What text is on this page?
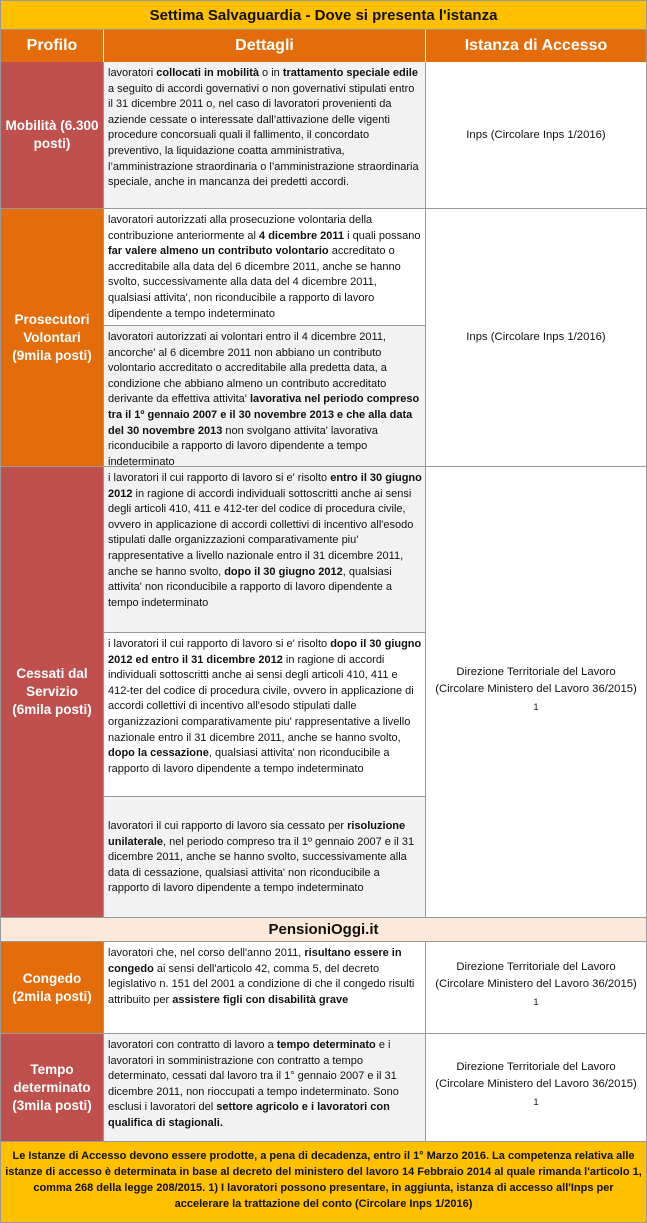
Settima Salvaguardia - Dove si presenta l'istanza
Profilo	Dettagli	Istanza di Accesso
Mobilità (6.300 posti)
lavoratori collocati in mobilità o in trattamento speciale edile a seguito di accordi governativi o non governativi stipulati entro il 31 dicembre 2011 o, nel caso di lavoratori provenienti da aziende cessate o interessate dall’attivazione delle vigenti procedure concorsuali quali il fallimento, il concordato preventivo, la liquidazione coatta amministrativa, l’amministrazione straordinaria o l’amministrazione straordinaria speciale, anche in mancanza dei predetti accordi.
Inps (Circolare Inps 1/2016)
Prosecutori Volontari (9mila posti)
lavoratori autorizzati alla prosecuzione volontaria della contribuzione anteriormente al 4 dicembre 2011 i quali possano far valere almeno un contributo volontario accreditato o accreditabile alla data del 6 dicembre 2011, anche se hanno svolto, successivamente alla data del 4 dicembre 2011, qualsiasi attivita', non riconducibile a rapporto di lavoro dipendente a tempo indeterminato
lavoratori autorizzati ai volontari entro il 4 dicembre 2011, ancorche' al 6 dicembre 2011 non abbiano un contributo volontario accreditato o accreditabile alla predetta data, a condizione che abbiano almeno un contributo accreditato derivante da effettiva attivita' lavorativa nel periodo compreso tra il 1º gennaio 2007 e il 30 novembre 2013 e che alla data del 30 novembre 2013 non svolgano attivita' lavorativa riconducibile a rapporto di lavoro dipendente a tempo indeterminato
Inps (Circolare Inps 1/2016)
Cessati dal Servizio (6mila posti)
i lavoratori il cui rapporto di lavoro si e' risolto entro il 30 giugno 2012 in ragione di accordi individuali sottoscritti anche ai sensi degli articoli 410, 411 e 412-ter del codice di procedura civile, ovvero in applicazione di accordi collettivi di incentivo all'esodo stipulati dalle organizzazioni comparativamente piu' rappresentative a livello nazionale entro il 31 dicembre 2011, anche se hanno svolto, dopo il 30 giugno 2012, qualsiasi attivita' non riconducibile a rapporto di lavoro dipendente a tempo indeterminato
i lavoratori il cui rapporto di lavoro si e' risolto dopo il 30 giugno 2012 ed entro il 31 dicembre 2012 in ragione di accordi individuali sottoscritti anche ai sensi degli articoli 410, 411 e 412-ter del codice di procedura civile, ovvero in applicazione di accordi collettivi di incentivo all'esodo stipulati dalle organizzazioni comparativamente piu' rappresentative a livello nazionale entro il 31 dicembre 2011, anche se hanno svolto, dopo la cessazione, qualsiasi attivita' non riconducibile a rapporto di lavoro dipendente a tempo indeterminato
lavoratori il cui rapporto di lavoro sia cessato per risoluzione unilaterale, nel periodo compreso tra il 1º gennaio 2007 e il 31 dicembre 2011, anche se hanno svolto, successivamente alla data di cessazione, qualsiasi attivita' non riconducibile a rapporto di lavoro dipendente a tempo indeterminato
Direzione Territoriale del Lavoro (Circolare Ministero del Lavoro 36/2015) $^1$
PensioniOggi.it
Congedo (2mila posti)
lavoratori che, nel corso dell'anno 2011, risultano essere in congedo ai sensi dell'articolo 42, comma 5, del decreto legislativo n. 151 del 2001 a condizione di che il congedo risulti attribuito per assistere figli con disabilità grave
Direzione Territoriale del Lavoro (Circolare Ministero del Lavoro 36/2015) $^1$
Tempo determinato (3mila posti)
lavoratori con contratto di lavoro a tempo determinato e i lavoratori in somministrazione con contratto a tempo determinato, cessati dal lavoro tra il 1° gennaio 2007 e il 31 dicembre 2011, non rioccupati a tempo indeterminato. Sono esclusi i lavoratori del settore agricolo e i lavoratori con qualifica di stagionali.
Direzione Territoriale del Lavoro (Circolare Ministero del Lavoro 36/2015) $^1$
Le Istanze di Accesso devono essere prodotte, a pena di decadenza, entro il 1° Marzo 2016. La competenza relativa alle istanze di accesso è determinata in base al decreto del ministero del lavoro 14 Febbraio 2014 al quale rimanda l'articolo 1, comma 268 della legge 208/2015. 1) I lavoratori possono presentare, in aggiunta, istanza di accesso all'Inps per accelerare la trattazione del conto (Circolare Inps 1/2016)
